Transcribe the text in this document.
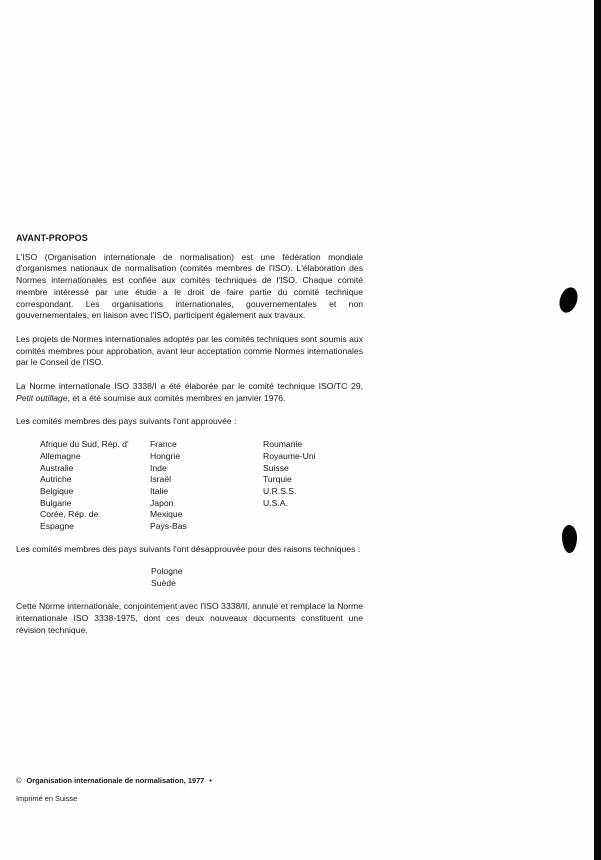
AVANT-PROPOS

L'ISO (Organisation internationale de normalisation) est une fédération mondiale d'organismes nationaux de normalisation (comités membres de l'ISO). L'élaboration des Normes internationales est confiée aux comités techniques de l'ISO. Chaque comité membre intéressé par une étude a le droit de faire partie du comité technique correspondant. Les organisations internationales, gouvernementales et non gouvernementales, en liaison avec l'ISO, participent également aux travaux.

Les projets de Normes internationales adoptés par les comités techniques sont soumis aux comités membres pour approbation, avant leur acceptation comme Normes internationales par le Conseil de l'ISO.

La Norme internationale ISO 3338/I a été élaborée par le comité technique ISO/TC 29, Petit outillage, et a été soumise aux comités membres en janvier 1976.

Les comités membres des pays suivants l'ont approuvée :

Afrique du Sud, Rép. d'
Allemagne
Australie
Autriche
Belgique
Bulgarie
Corée, Rép. de
Espagne
France
Hongrie
Inde
Israël
Italie
Japon
Mexique
Pays-Bas
Roumanie
Royaume-Uni
Suisse
Turquie
U.R.S.S.
U.S.A.

Les comités membres des pays suivants l'ont désapprouvée pour des raisons techniques :

Pologne
Suède

Cette Norme internationale, conjointement avec l'ISO 3338/II, annule et remplace la Norme internationale ISO 3338-1975, dont ces deux nouveaux documents constituent une révision technique.

© Organisation internationale de normalisation, 1977 •
Imprimé en Suisse
